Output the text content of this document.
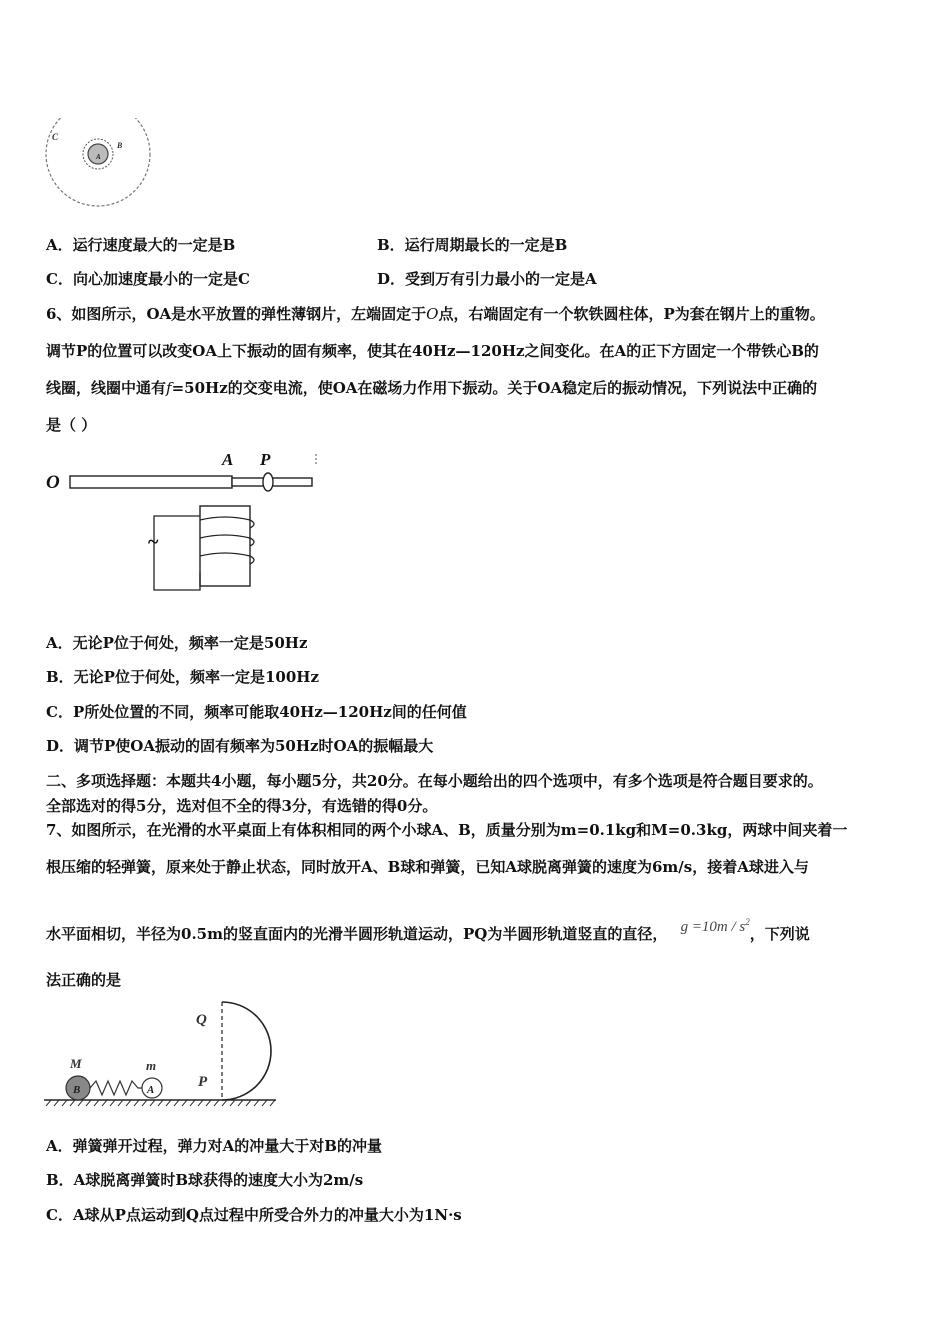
C
B
A
A．运行速度最大的一定是B	B．运行周期最长的一定是B
C．向心加速度最小的一定是C	D．受到万有引力最小的一定是A
6、如图所示，OA是水平放置的弹性薄钢片，左端固定于O点，右端固定有一个软铁圆柱体，P为套在钢片上的重物。
调节P的位置可以改变OA上下振动的固有频率，使其在40Hz—120Hz之间变化。在A的正下方固定一个带铁心B的
线圈，线圈中通有f=50Hz的交变电流，使OA在磁场力作用下振动。关于OA稳定后的振动情况，下列说法中正确的
是（ ）
O
A P
~
A．无论P位于何处，频率一定是50Hz
B．无论P位于何处，频率一定是100Hz
C．P所处位置的不同，频率可能取40Hz—120Hz间的任何值
D．调节P使OA振动的固有频率为50Hz时OA的振幅最大
二、多项选择题：本题共4小题，每小题5分，共20分。在每小题给出的四个选项中，有多个选项是符合题目要求的。
全部选对的得5分，选对但不全的得3分，有选错的得0分。
7、如图所示，在光滑的水平桌面上有体积相同的两个小球A、B，质量分别为m=0.1kg和M=0.3kg，两球中间夹着一
根压缩的轻弹簧，原来处于静止状态，同时放开A、B球和弹簧，已知A球脱离弹簧的速度为6m/s，接着A球进入与
水平面相切，半径为0.5m的竖直面内的光滑半圆形轨道运动，PQ为半圆形轨道竖直的直径， $g =10m / s^2$，下列说
法正确的是
Q
P
B	A
M	m
A．弹簧弹开过程，弹力对A的冲量大于对B的冲量
B．A球脱离弹簧时B球获得的速度大小为2m/s
C．A球从P点运动到Q点过程中所受合外力的冲量大小为1N·s
